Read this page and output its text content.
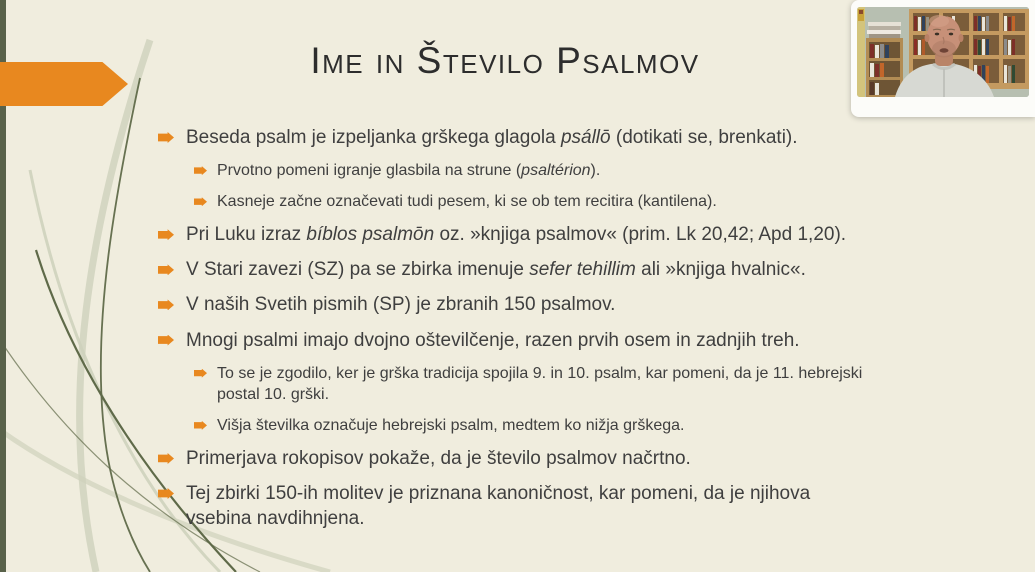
Ime in Število Psalmov
Beseda psalm je izpeljanka grškega glagola psállō (dotikati se, brenkati).
Prvotno pomeni igranje glasbila na strune (psaltérion).
Kasneje začne označevati tudi pesem, ki se ob tem recitira (kantilena).
Pri Luku izraz bíblos psalmōn oz. »knjiga psalmov« (prim. Lk 20,42; Apd 1,20).
V Stari zavezi (SZ) pa se zbirka imenuje sefer tehillim ali »knjiga hvalnic«.
V naših Svetih pismih (SP) je zbranih 150 psalmov.
Mnogi psalmi imajo dvojno oštevilčenje, razen prvih osem in zadnjih treh.
To se je zgodilo, ker je grška tradicija spojila 9. in 10. psalm, kar pomeni, da je 11. hebrejski postal 10. grški.
Višja številka označuje hebrejski psalm, medtem ko nižja grškega.
Primerjava rokopisov pokaže, da je število psalmov načrtno.
Tej zbirki 150-ih molitev je priznana kanoničnost, kar pomeni, da je njihova vsebina navdihnjena.
